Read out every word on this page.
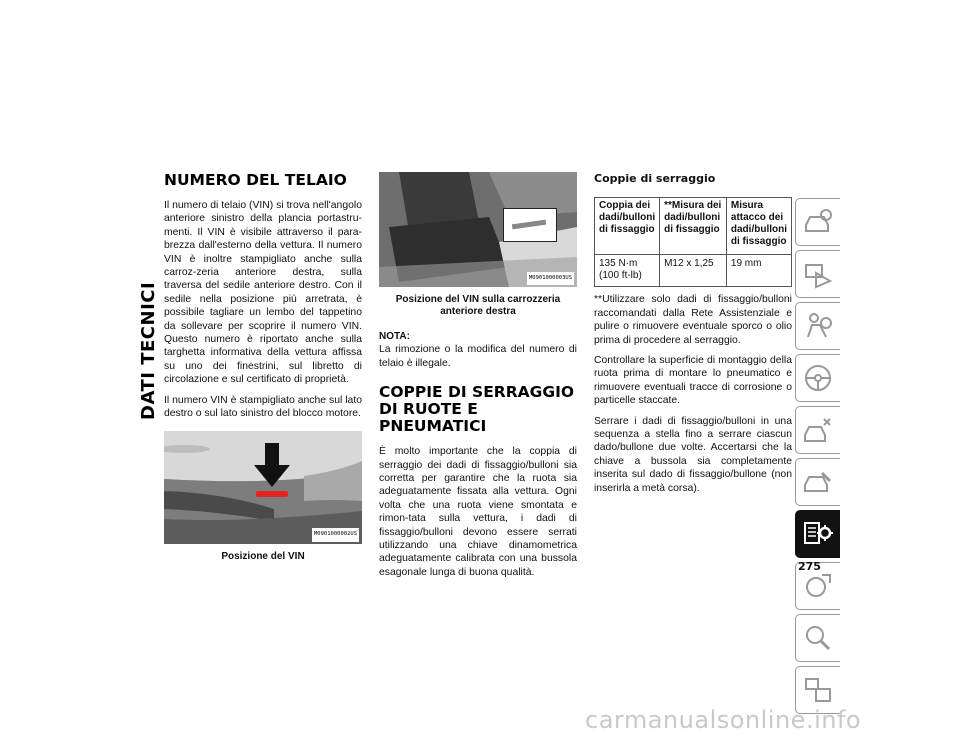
DATI TECNICI
NUMERO DEL TELAIO

Il numero di telaio (VIN) si trova nell'angolo anteriore sinistro della plancia portastru-menti. Il VIN è visibile attraverso il para-brezza dall'esterno della vettura. Il numero VIN è inoltre stampigliato anche sulla carroz-zeria anteriore destra, sulla traversa del sedile anteriore destro. Con il sedile nella posizione più arretrata, è possibile tagliare un lembo del tappetino da sollevare per scoprire il numero VIN. Questo numero è riportato anche sulla targhetta informativa della vettura affissa su uno dei finestrini, sul libretto di circolazione e sul certificato di proprietà.

Il numero VIN è stampigliato anche sul lato destro o sul lato sinistro del blocco motore.

M0901000002US
Posizione del VIN
M0901000003US
Posizione del VIN sulla carrozzeria anteriore destra
NOTA:

La rimozione o la modifica del numero di telaio è illegale.

COPPIE DI SERRAGGIO DI RUOTE E PNEUMATICI

È molto importante che la coppia di serraggio dei dadi di fissaggio/bulloni sia corretta per garantire che la ruota sia adeguatamente fissata alla vettura. Ogni volta che una ruota viene smontata e rimon-tata sulla vettura, i dadi di fissaggio/bulloni devono essere serrati utilizzando una chiave dinamometrica adeguatamente calibrata con una bussola esagonale lunga di buona qualità.

Coppie di serraggio
Coppia dei dadi/bulloni di fissaggio	**Misura dei dadi/bulloni di fissaggio	Misura attacco dei dadi/bulloni di fissaggio
135 N·m (100 ft-lb)	M12 x 1,25	19 mm

**Utilizzare solo dadi di fissaggio/bulloni raccomandati dalla Rete Assistenziale e pulire o rimuovere eventuale sporco o olio prima di procedere al serraggio.

Controllare la superficie di montaggio della ruota prima di montare lo pneumatico e rimuovere eventuali tracce di corrosione o particelle staccate.

Serrare i dadi di fissaggio/bulloni in una sequenza a stella fino a serrare ciascun dado/bullone due volte. Accertarsi che la chiave a bussola sia completamente inserita sul dado di fissaggio/bullone (non inserirla a metà corsa).

275
carmanualsonline.info
